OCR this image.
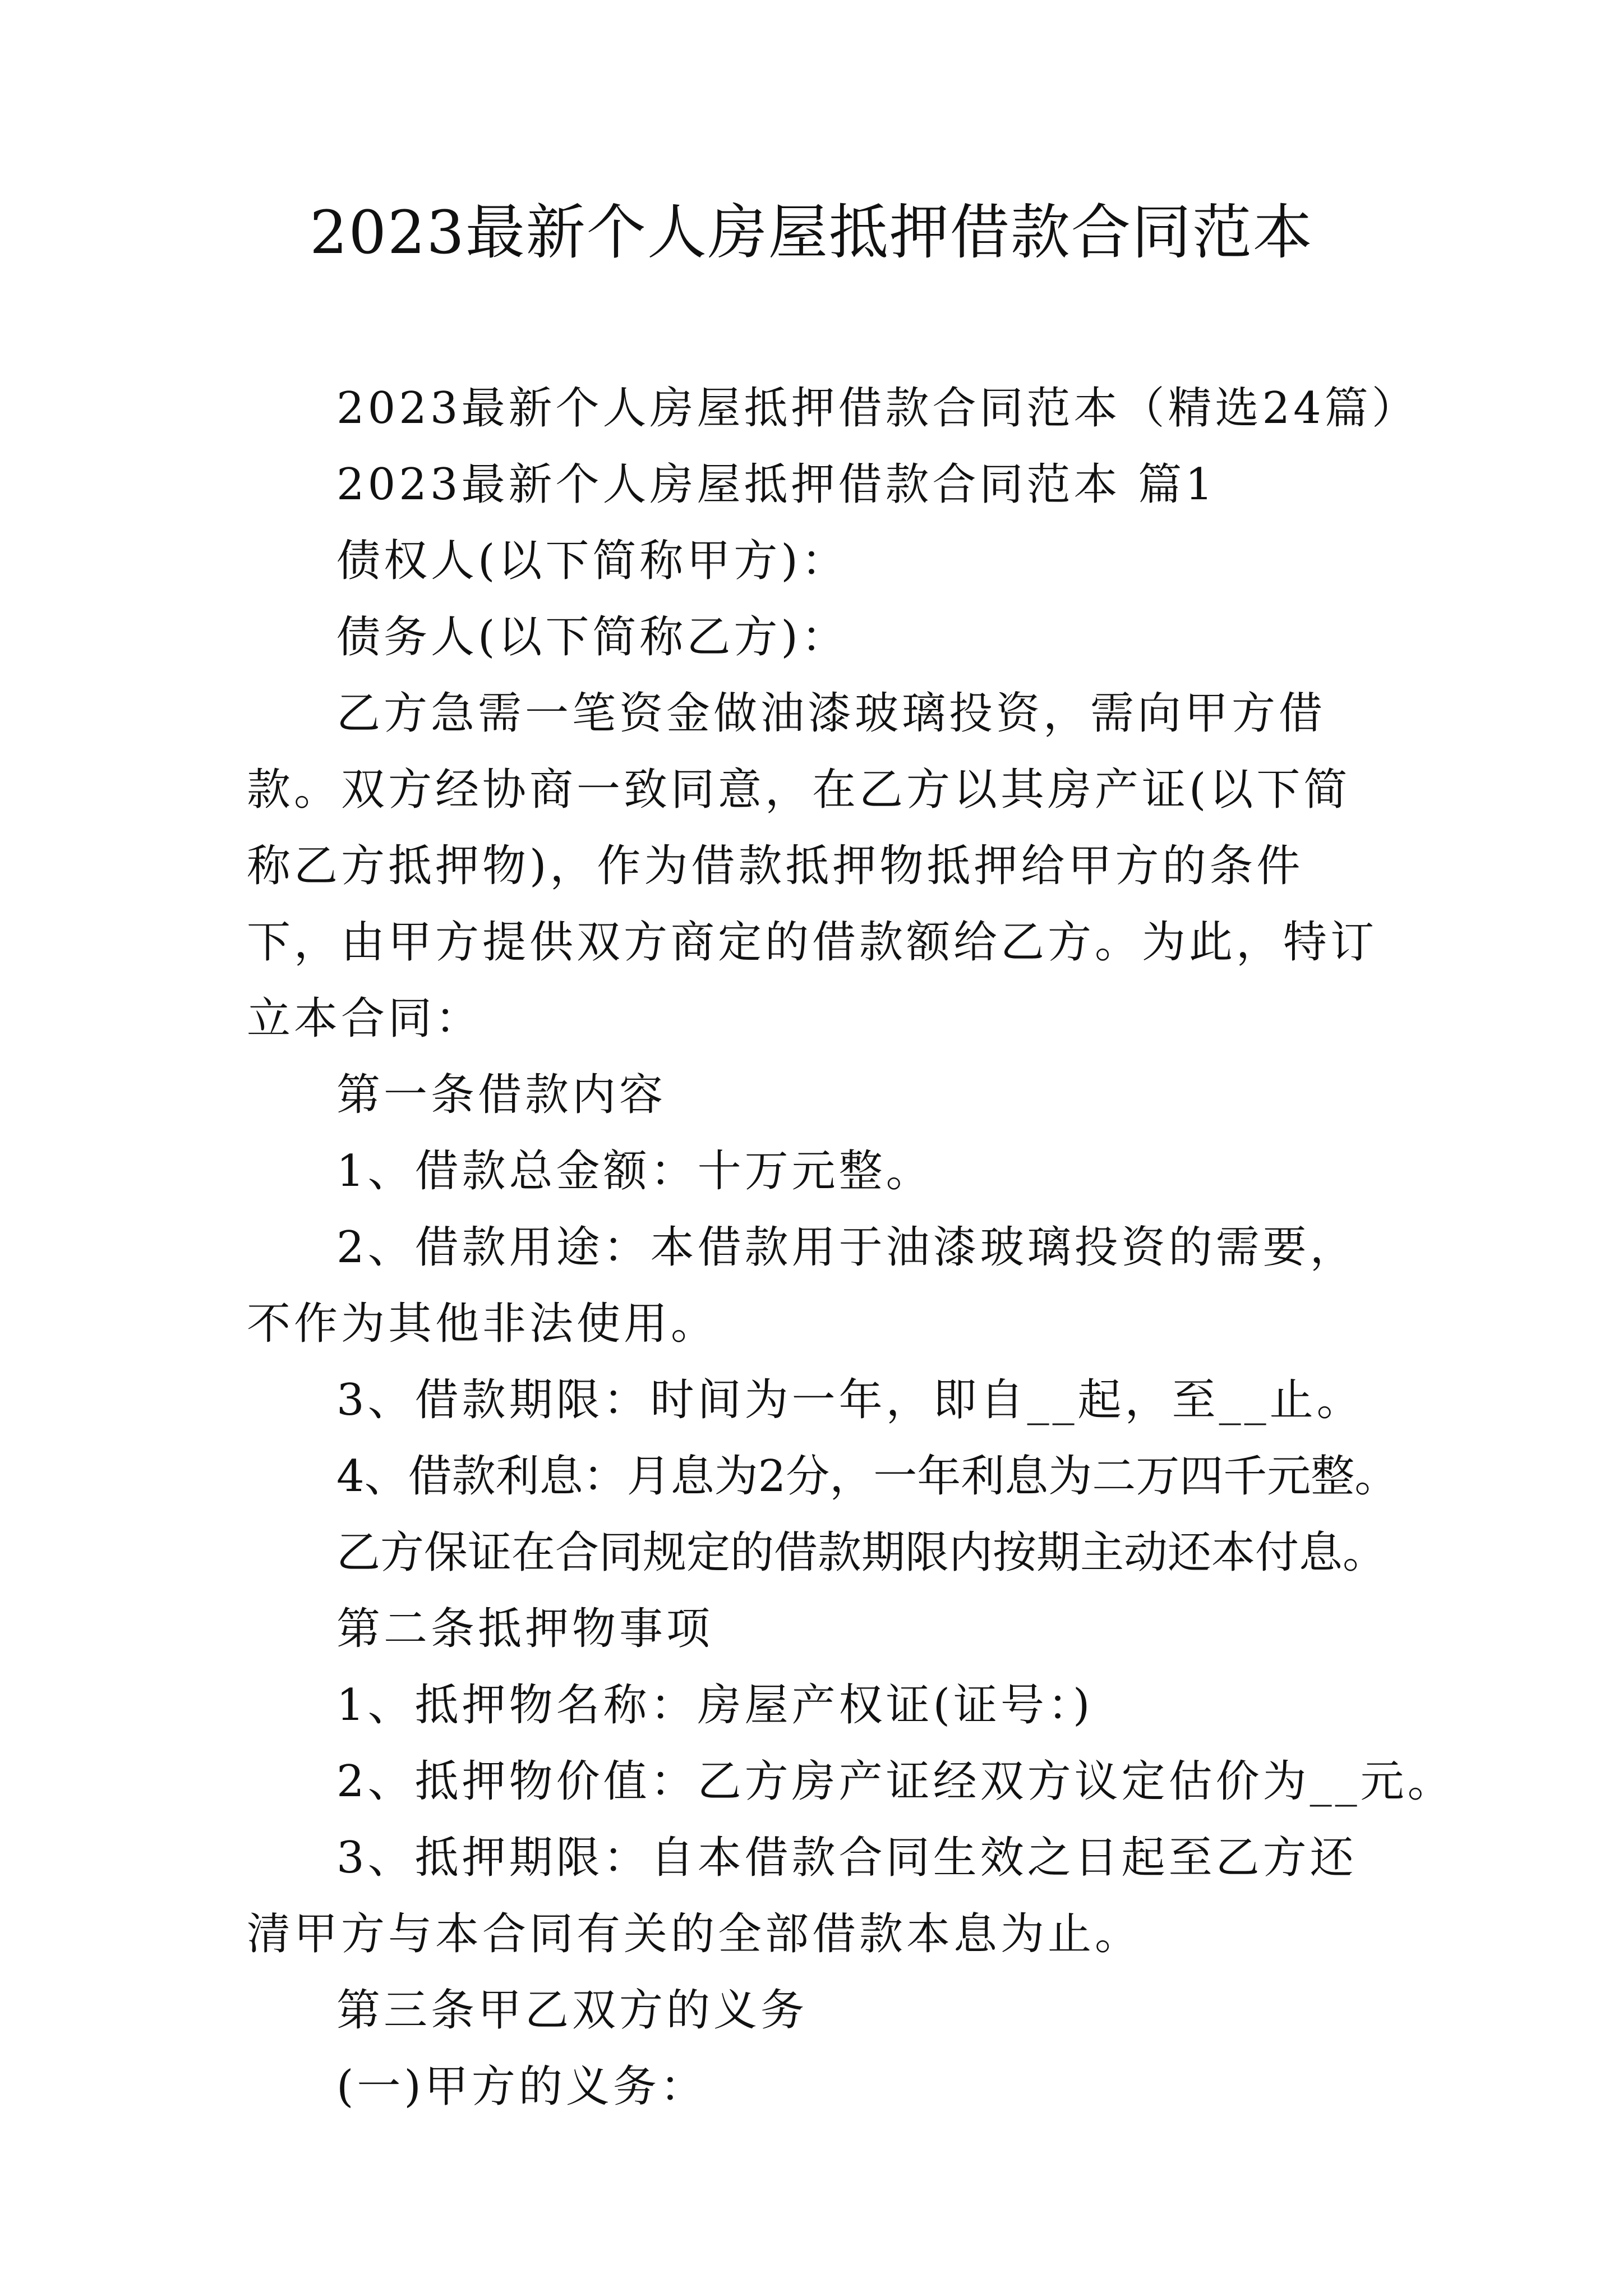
2023最新个人房屋抵押借款合同范本
2023最新个人房屋抵押借款合同范本（精选24篇）
2023最新个人房屋抵押借款合同范本 篇1
债权人(以下简称甲方)：
债务人(以下简称乙方)：
乙方急需一笔资金做油漆玻璃投资，需向甲方借款。双方经协商一致同意，在乙方以其房产证(以下简称乙方抵押物)，作为借款抵押物抵押给甲方的条件下，由甲方提供双方商定的借款额给乙方。为此，特订立本合同：
第一条借款内容
1、借款总金额：十万元整。
2、借款用途：本借款用于油漆玻璃投资的需要，不作为其他非法使用。
3、借款期限：时间为一年，即自__起，至__止。
4、借款利息：月息为2分，一年利息为二万四千元整。
乙方保证在合同规定的借款期限内按期主动还本付息。
第二条抵押物事项
1、抵押物名称：房屋产权证(证号：)
2、抵押物价值：乙方房产证经双方议定估价为__元。
3、抵押期限：自本借款合同生效之日起至乙方还清甲方与本合同有关的全部借款本息为止。
第三条甲乙双方的义务
(一)甲方的义务：
